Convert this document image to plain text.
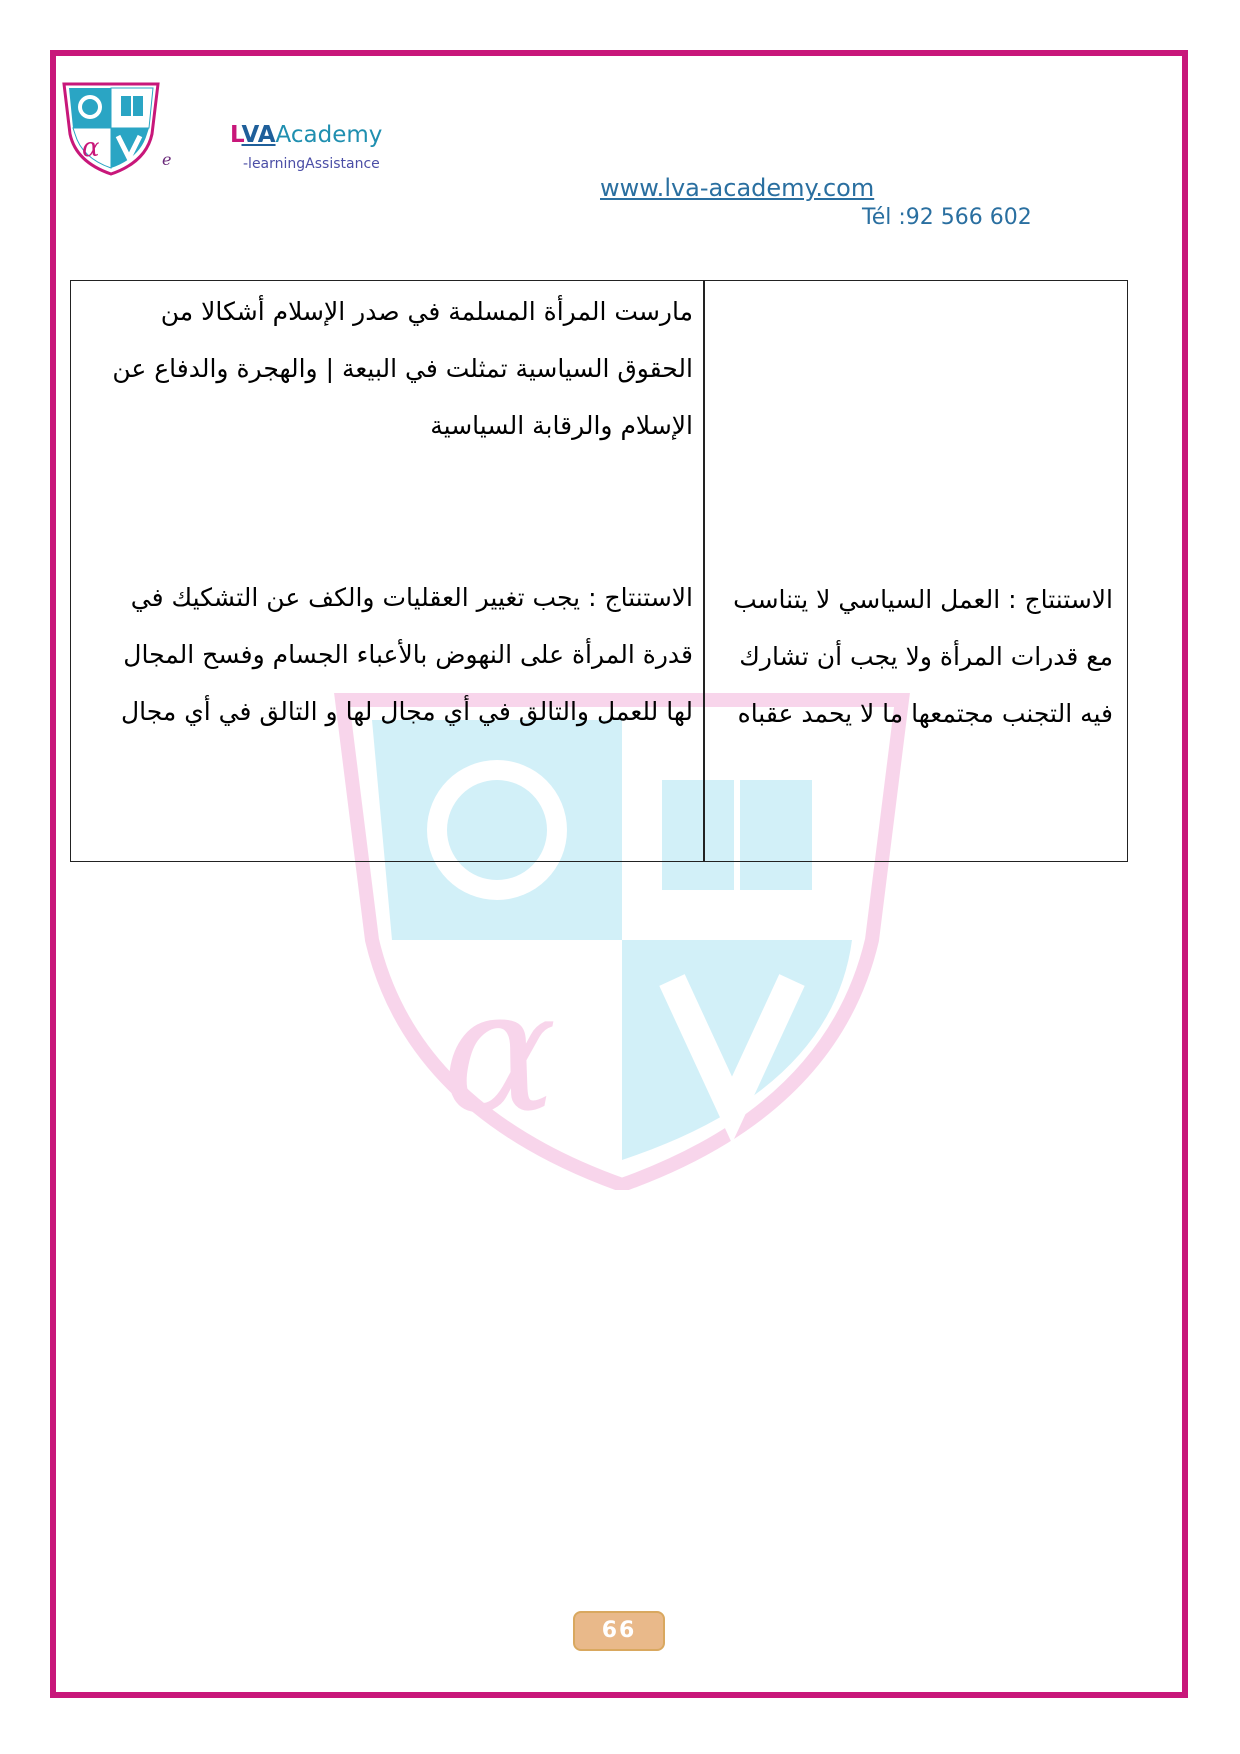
α	e
LVAAcademy
-learningAssistance
www.lva-academy.com
Tél :92 566 602
α
مارست المرأة المسلمة في صدر الإسلام أشكالا من الحقوق السياسية تمثلت في البيعة | والهجرة والدفاع عن الإسلام والرقابة السياسية
الاستنتاج : يجب تغيير العقليات والكف عن التشكيك في قدرة المرأة على النهوض بالأعباء الجسام وفسح المجال لها للعمل والتالق في أي مجال لها و التالق في أي مجال
الاستنتاج : العمل السياسي لا يتناسب مع قدرات المرأة ولا يجب أن تشارك فيه التجنب مجتمعها ما لا يحمد عقباه
66
